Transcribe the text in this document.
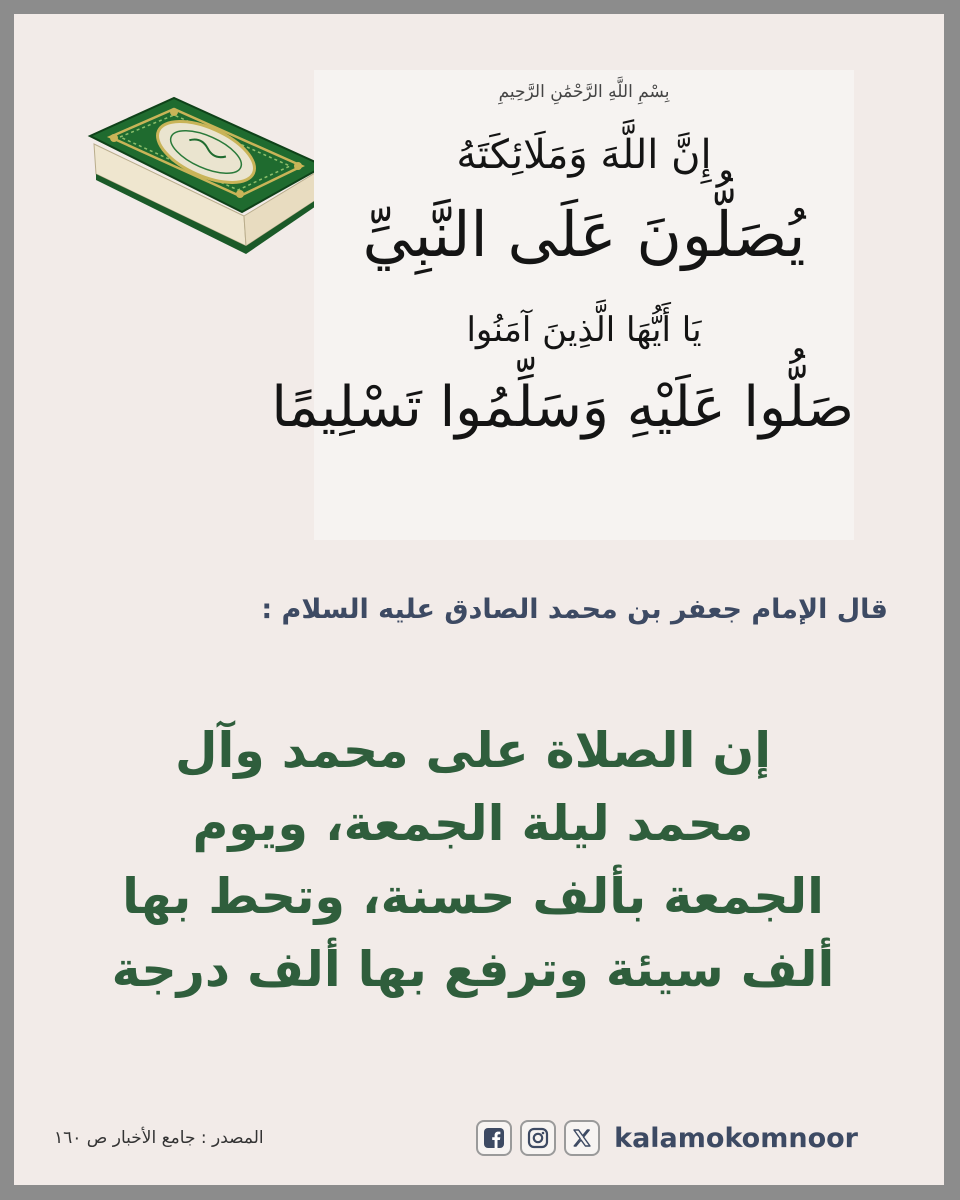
بِسْمِ اللَّهِ الرَّحْمَٰنِ الرَّحِيمِ
إِنَّ اللَّهَ وَمَلَائِكَتَهُ
يُصَلُّونَ عَلَى النَّبِيِّ
يَا أَيُّهَا الَّذِينَ آمَنُوا
صَلُّوا عَلَيْهِ وَسَلِّمُوا تَسْلِيمًا
قال الإمام جعفر بن محمد الصادق عليه السلام :
إن الصلاة على محمد وآل
محمد ليلة الجمعة، ويوم
الجمعة بألف حسنة، وتحط بها
ألف سيئة وترفع بها ألف درجة
المصدر : جامع الأخبار ص ١٦٠	kalamokomnoor
